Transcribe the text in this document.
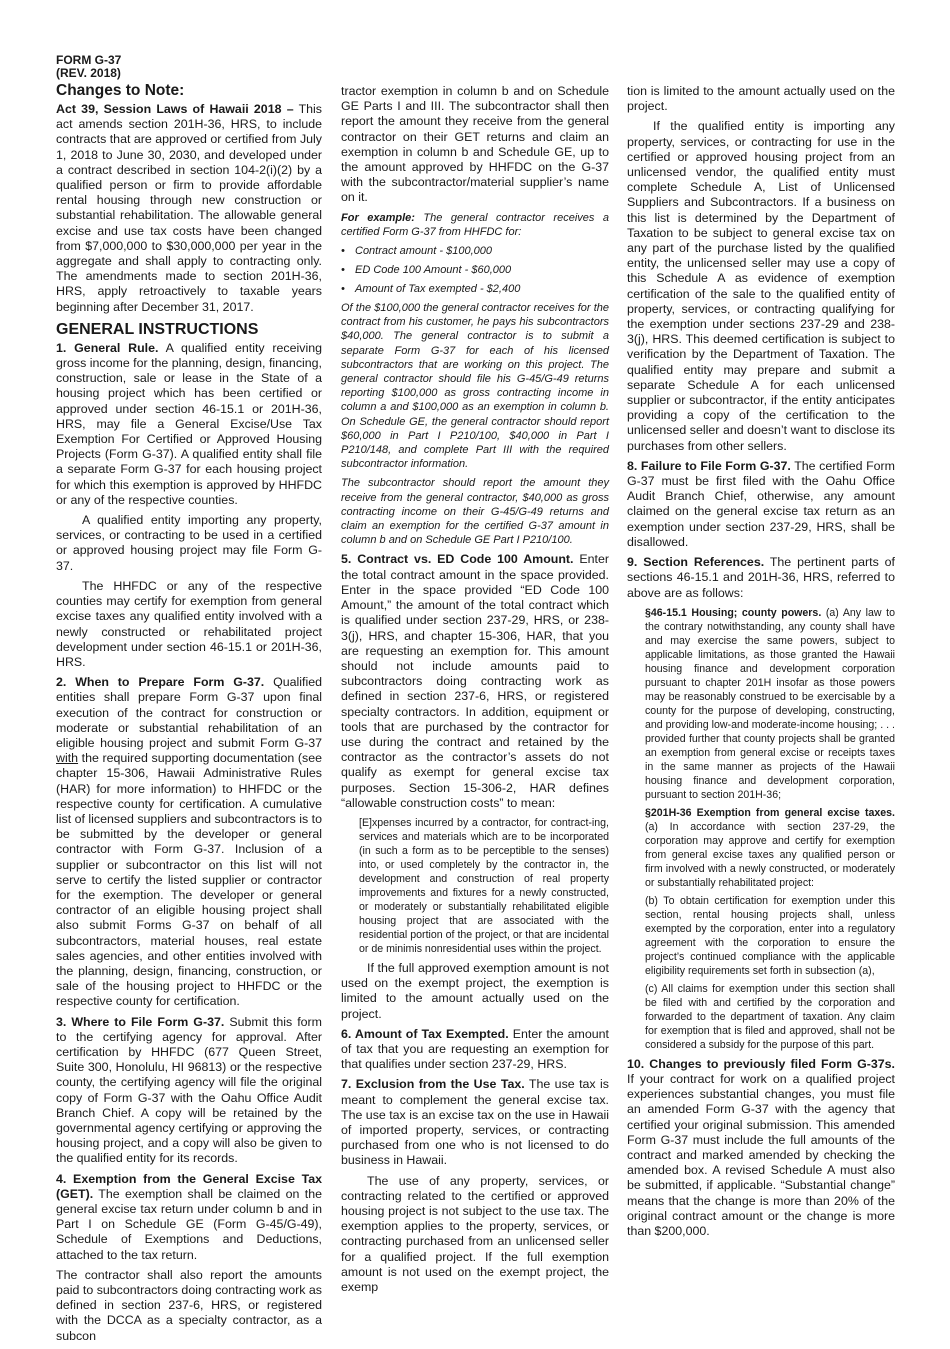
FORM G-37
(REV. 2018)
Changes to Note:

Act 39, Session Laws of Hawaii 2018 – This act amends section 201H-36, HRS, to include contracts that are approved or certified from July 1, 2018 to June 30, 2030, and developed under a contract described in section 104-2(i)(2) by a qualified person or firm to provide affordable rental housing through new construction or substantial rehabilitation. The allowable general excise and use tax costs have been changed from $7,000,000 to $30,000,000 per year in the aggregate and shall apply to contracting only. The amendments made to section 201H-36, HRS, apply retroactively to taxable years beginning after December 31, 2017.

GENERAL INSTRUCTIONS

1. General Rule. A qualified entity receiving gross income for the planning, design, financing, construction, sale or lease in the State of a housing project which has been certified or approved under section 46-15.1 or 201H-36, HRS, may file a General Excise/Use Tax Exemption For Certified or Approved Housing Projects (Form G-37). A qualified entity shall file a separate Form G-37 for each housing project for which this exemption is approved by HHFDC or any of the respective counties.

A qualified entity importing any property, services, or contracting to be used in a certified or approved housing project may file Form G-37.

The HHFDC or any of the respective counties may certify for exemption from general excise taxes any qualified entity involved with a newly constructed or rehabilitated project development under section 46-15.1 or 201H-36, HRS.

2. When to Prepare Form G-37. Qualified entities shall prepare Form G-37 upon final execution of the contract for construction or moderate or substantial rehabilitation of an eligible housing project and submit Form G-37 with the required supporting documentation (see chapter 15-306, Hawaii Administrative Rules (HAR) for more information) to HHFDC or the respective county for certification. A cumulative list of licensed suppliers and subcontractors is to be submitted by the developer or general contractor with Form G-37. Inclusion of a supplier or subcontractor on this list will not serve to certify the listed supplier or contractor for the exemption. The developer or general contractor of an eligible housing project shall also submit Forms G-37 on behalf of all subcontractors, material houses, real estate sales agencies, and other entities involved with the planning, design, financing, construction, or sale of the housing project to HHFDC or the respective county for certification.

3. Where to File Form G-37. Submit this form to the certifying agency for approval. After certification by HHFDC (677 Queen Street, Suite 300, Honolulu, HI 96813) or the respective county, the certifying agency will file the original copy of Form G-37 with the Oahu Office Audit Branch Chief. A copy will be retained by the governmental agency certifying or approving the housing project, and a copy will also be given to the qualified entity for its records.

4. Exemption from the General Excise Tax (GET). The exemption shall be claimed on the general excise tax return under column b and in Part I on Schedule GE (Form G-45/G-49), Schedule of Exemptions and Deductions, attached to the tax return.

The contractor shall also report the amounts paid to subcontractors doing contracting work as defined in section 237-6, HRS, or registered with the DCCA as a specialty contractor, as a subcon

tractor exemption in column b and on Schedule GE Parts I and III. The subcontractor shall then report the amount they receive from the general contractor on their GET returns and claim an exemption in column b and Schedule GE, up to the amount approved by HHFDC on the G-37 with the subcontractor/material supplier’s name on it.

For example: The general contractor receives a certified Form G-37 from HHFDC for:

• Contract amount - $100,000
• ED Code 100 Amount - $60,000
• Amount of Tax exempted - $2,400

Of the $100,000 the general contractor receives for the contract from his customer, he pays his subcontractors $40,000. The general contractor is to submit a separate Form G-37 for each of his licensed subcontractors that are working on this project. The general contractor should file his G-45/G-49 returns reporting $100,000 as gross contracting income in column a and $100,000 as an exemption in column b. On Schedule GE, the general contractor should report $60,000 in Part I P210/100, $40,000 in Part I P210/148, and complete Part III with the required subcontractor information.

The subcontractor should report the amount they receive from the general contractor, $40,000 as gross contracting income on their G-45/G-49 returns and claim an exemption for the certified G-37 amount in column b and on Schedule GE Part I P210/100.

5. Contract vs. ED Code 100 Amount. Enter the total contract amount in the space provided. Enter in the space provided “ED Code 100 Amount,” the amount of the total contract which is qualified under section 237-29, HRS, or 238-3(j), HRS, and chapter 15-306, HAR, that you are requesting an exemption for. This amount should not include amounts paid to subcontractors doing contracting work as defined in section 237-6, HRS, or registered specialty contractors. In addition, equipment or tools that are purchased by the contractor for use during the contract and retained by the contractor as the contractor’s assets do not qualify as exempt for general excise tax purposes. Section 15-306-2, HAR defines “allowable construction costs” to mean:

[E]xpenses incurred by a contractor, for contract-ing, services and materials which are to be incorporated (in such a form as to be perceptible to the senses) into, or used completely by the contractor in, the development and construction of real property improvements and fixtures for a newly constructed, or moderately or substantially rehabilitated eligible housing project that are associated with the residential portion of the project, or that are incidental or de minimis nonresidential uses within the project.

If the full approved exemption amount is not used on the exempt project, the exemption is limited to the amount actually used on the project.

6. Amount of Tax Exempted. Enter the amount of tax that you are requesting an exemption for that qualifies under section 237-29, HRS.

7. Exclusion from the Use Tax. The use tax is meant to complement the general excise tax. The use tax is an excise tax on the use in Hawaii of imported property, services, or contracting purchased from one who is not licensed to do business in Hawaii.

The use of any property, services, or contracting related to the certified or approved housing project is not subject to the use tax. The exemption applies to the property, services, or contracting purchased from an unlicensed seller for a qualified project. If the full exemption amount is not used on the exempt project, the exemp

tion is limited to the amount actually used on the project.

If the qualified entity is importing any property, services, or contracting for use in the certified or approved housing project from an unlicensed vendor, the qualified entity must complete Schedule A, List of Unlicensed Suppliers and Subcontractors. If a business on this list is determined by the Department of Taxation to be subject to general excise tax on any part of the purchase listed by the qualified entity, the unlicensed seller may use a copy of this Schedule A as evidence of exemption certification of the sale to the qualified entity of property, services, or contracting qualifying for the exemption under sections 237-29 and 238-3(j), HRS. This deemed certification is subject to verification by the Department of Taxation. The qualified entity may prepare and submit a separate Schedule A for each unlicensed supplier or subcontractor, if the entity anticipates providing a copy of the certification to the unlicensed seller and doesn’t want to disclose its purchases from other sellers.

8. Failure to File Form G-37. The certified Form G-37 must be first filed with the Oahu Office Audit Branch Chief, otherwise, any amount claimed on the general excise tax return as an exemption under section 237-29, HRS, shall be disallowed.

9. Section References. The pertinent parts of sections 46-15.1 and 201H-36, HRS, referred to above are as follows:

§46-15.1 Housing; county powers. (a) Any law to the contrary notwithstanding, any county shall have and may exercise the same powers, subject to applicable limitations, as those granted the Hawaii housing finance and development corporation pursuant to chapter 201H insofar as those powers may be reasonably construed to be exercisable by a county for the purpose of developing, constructing, and providing low-and moderate-income housing; . . . provided further that county projects shall be granted an exemption from general excise or receipts taxes in the same manner as projects of the Hawaii housing finance and development corporation, pursuant to section 201H-36;

§201H-36 Exemption from general excise taxes. (a) In accordance with section 237-29, the corporation may approve and certify for exemption from general excise taxes any qualified person or firm involved with a newly constructed, or moderately or substantially rehabilitated project:

(b) To obtain certification for exemption under this section, rental housing projects shall, unless exempted by the corporation, enter into a regulatory agreement with the corporation to ensure the project’s continued compliance with the applicable eligibility requirements set forth in subsection (a),

(c) All claims for exemption under this section shall be filed with and certified by the corporation and forwarded to the department of taxation. Any claim for exemption that is filed and approved, shall not be considered a subsidy for the purpose of this part.

10. Changes to previously filed Form G-37s. If your contract for work on a qualified project experiences substantial changes, you must file an amended Form G-37 with the agency that certified your original submission. This amended Form G-37 must include the full amounts of the contract and marked amended by checking the amended box. A revised Schedule A must also be submitted, if applicable. “Substantial change” means that the change is more than 20% of the original contract amount or the change is more than $200,000.
